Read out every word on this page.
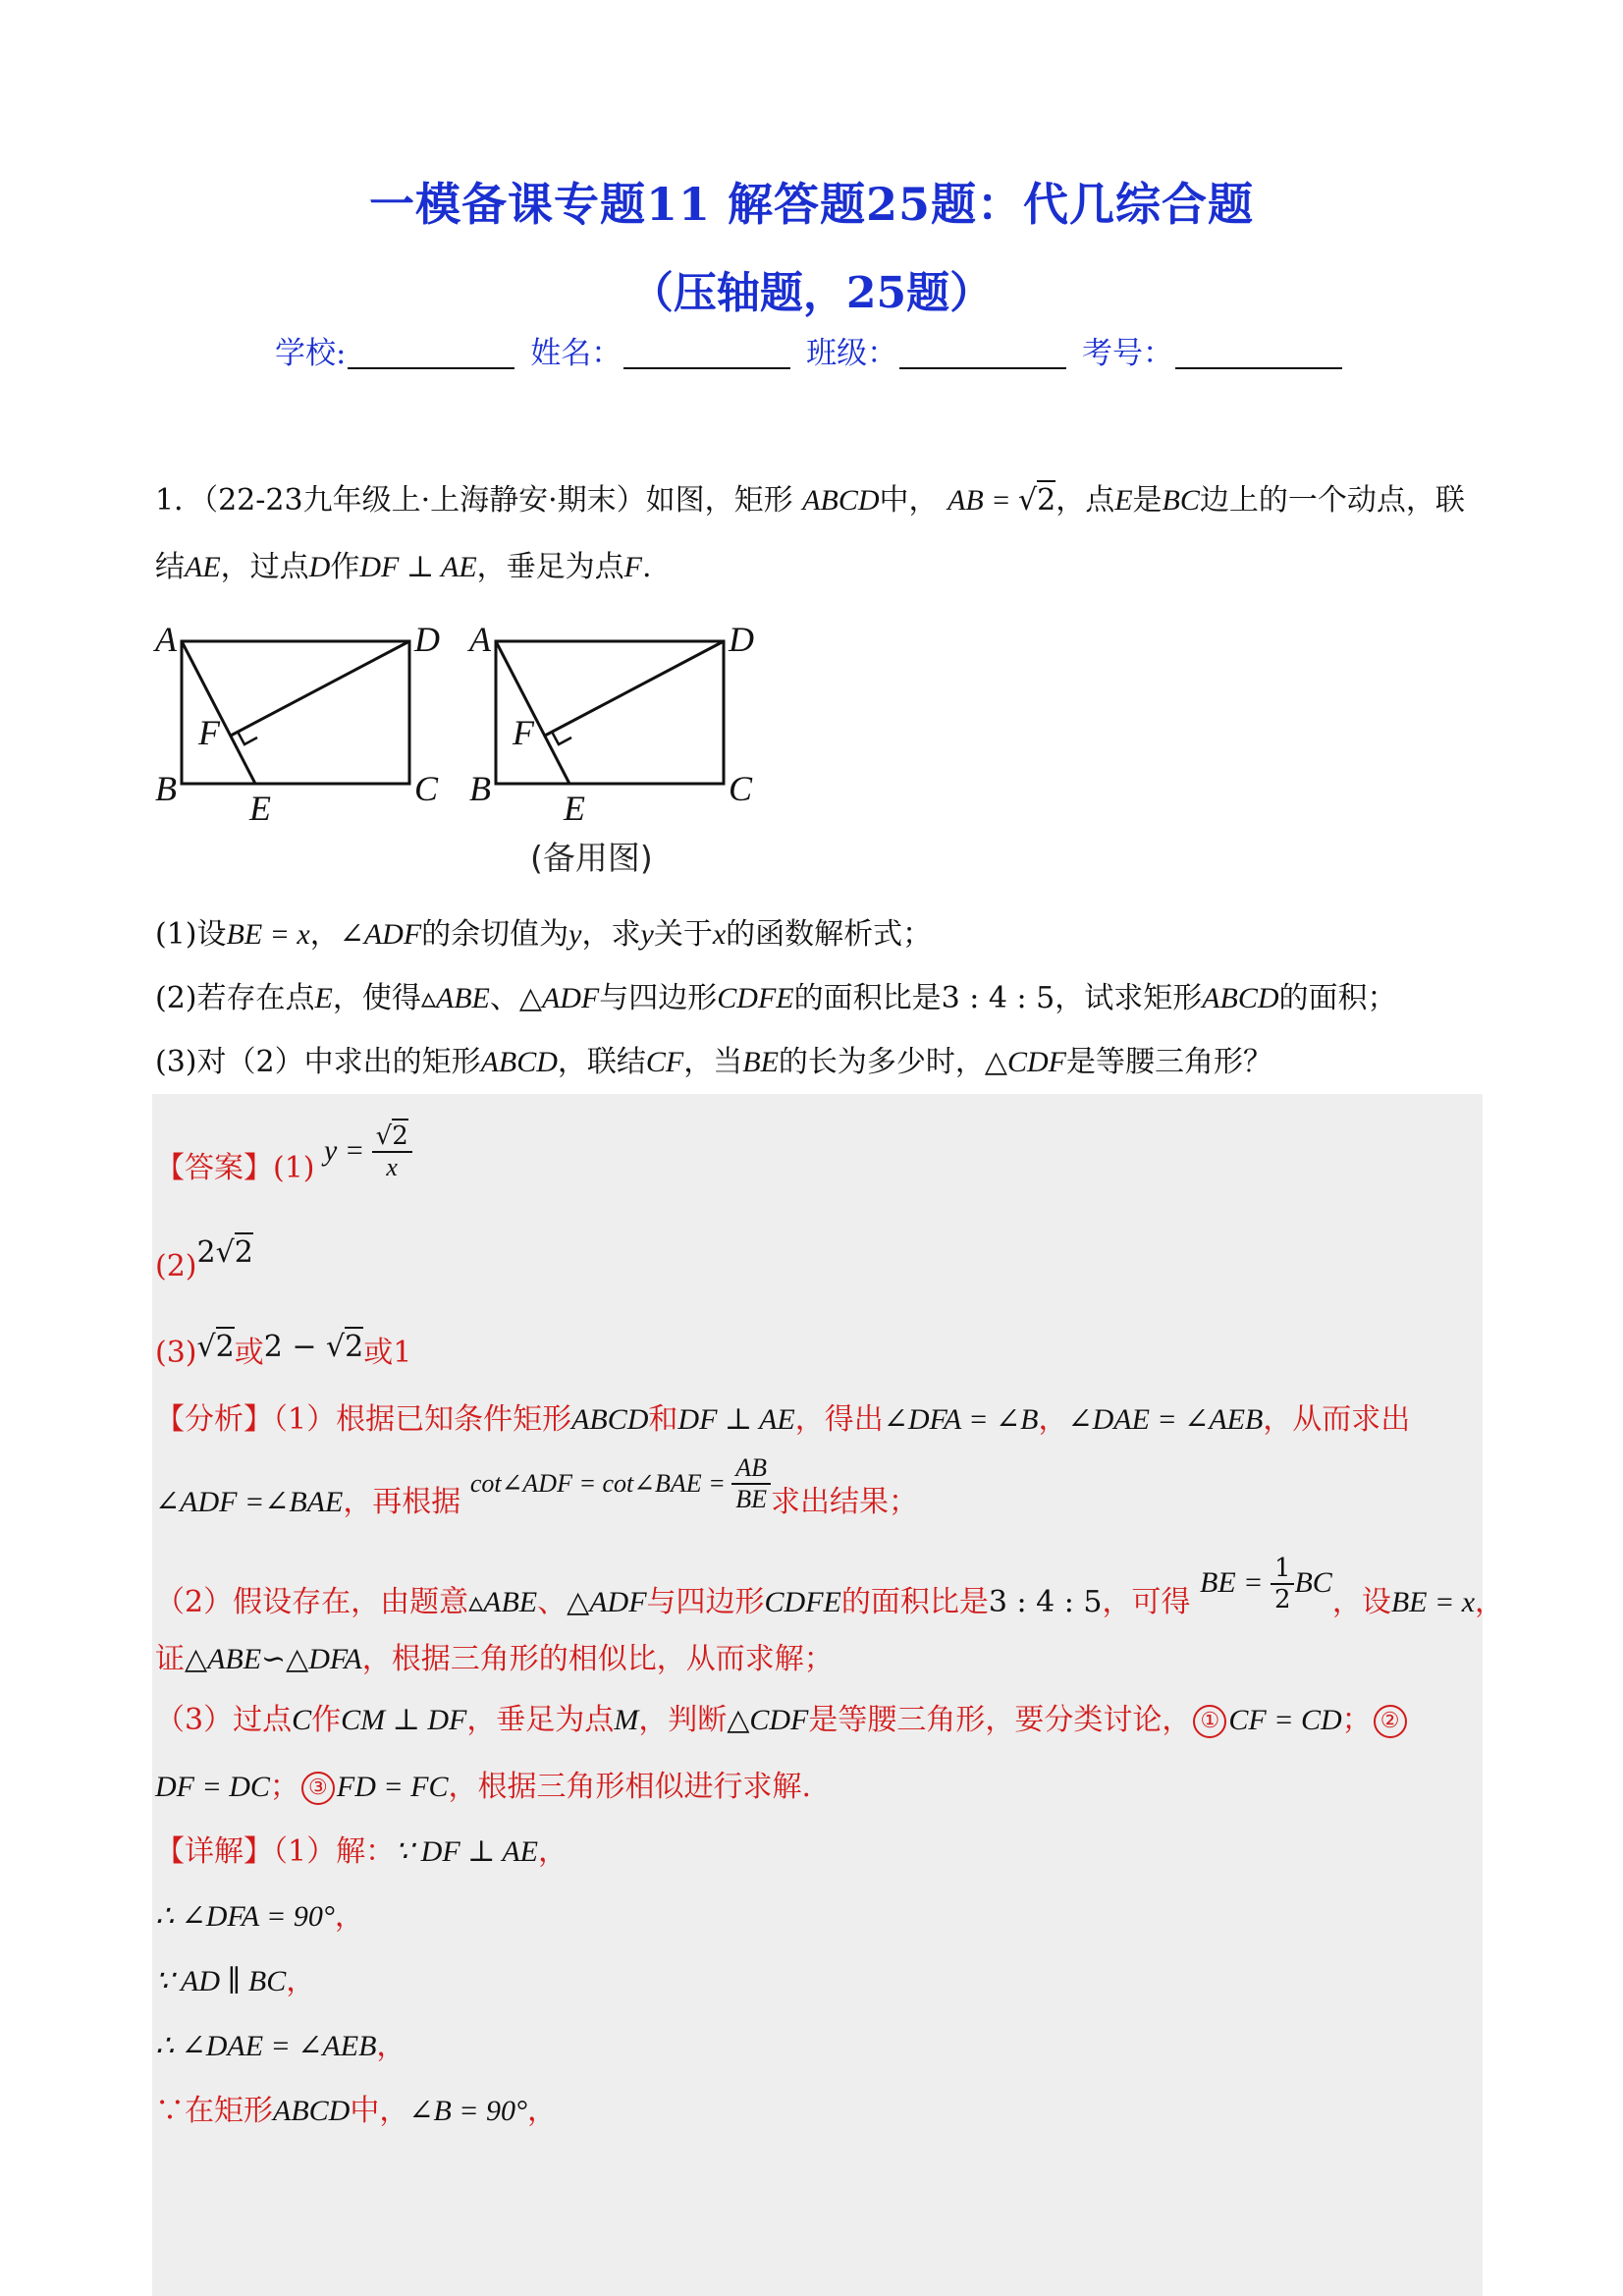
一模备课专题11 解答题25题：代几综合题
（压轴题，25题）
学校:	姓名：	班级：	考号：
1．（22-23九年级上·上海静安·期末）如图，矩形 ABCD中， AB = √2，点E是BC边上的一个动点，联
结AE，过点D作DF ⊥ AE，垂足为点F.
A	D
F
B E	C
A	D
F
B E	C
(备用图)
(1)设BE = x，∠ADF的余切值为y，求y关于x的函数解析式；
(2)若存在点E，使得▵ABE、△ADF与四边形CDFE的面积比是3 : 4 : 5，试求矩形ABCD的面积；
(3)对（2）中求出的矩形ABCD，联结CF，当BE的长为多少时，△CDF是等腰三角形？
【答案】(1) $y = \frac{√2}{x}$
(2)2√2
(3)√2或2 − √2或1
【分析】（1）根据已知条件矩形ABCD和DF ⊥ AE，得出∠DFA = ∠B，∠DAE = ∠AEB，从而求出
∠ADF =∠BAE，再根据 cot∠ADF = cot∠BAE = $\frac{AB}{BE}$ 求出结果；
（2）假设存在，由题意▵ABE、△ADF与四边形CDFE的面积比是3 : 4 : 5，可得 BE = $\frac{1}{2}$ BC，设BE = x，
证△ABE∽△DFA，根据三角形的相似比，从而求解；
（3）过点C作CM ⊥ DF，垂足为点M，判断△CDF是等腰三角形，要分类讨论， ① CF = CD； ②
DF = DC； ③ FD = FC，根据三角形相似进行求解.
【详解】（1）解：∵ DF ⊥ AE，
∴ ∠DFA = 90°，
∵ AD ∥ BC，
∴ ∠DAE = ∠AEB，
∵在矩形ABCD中，∠B = 90°，
